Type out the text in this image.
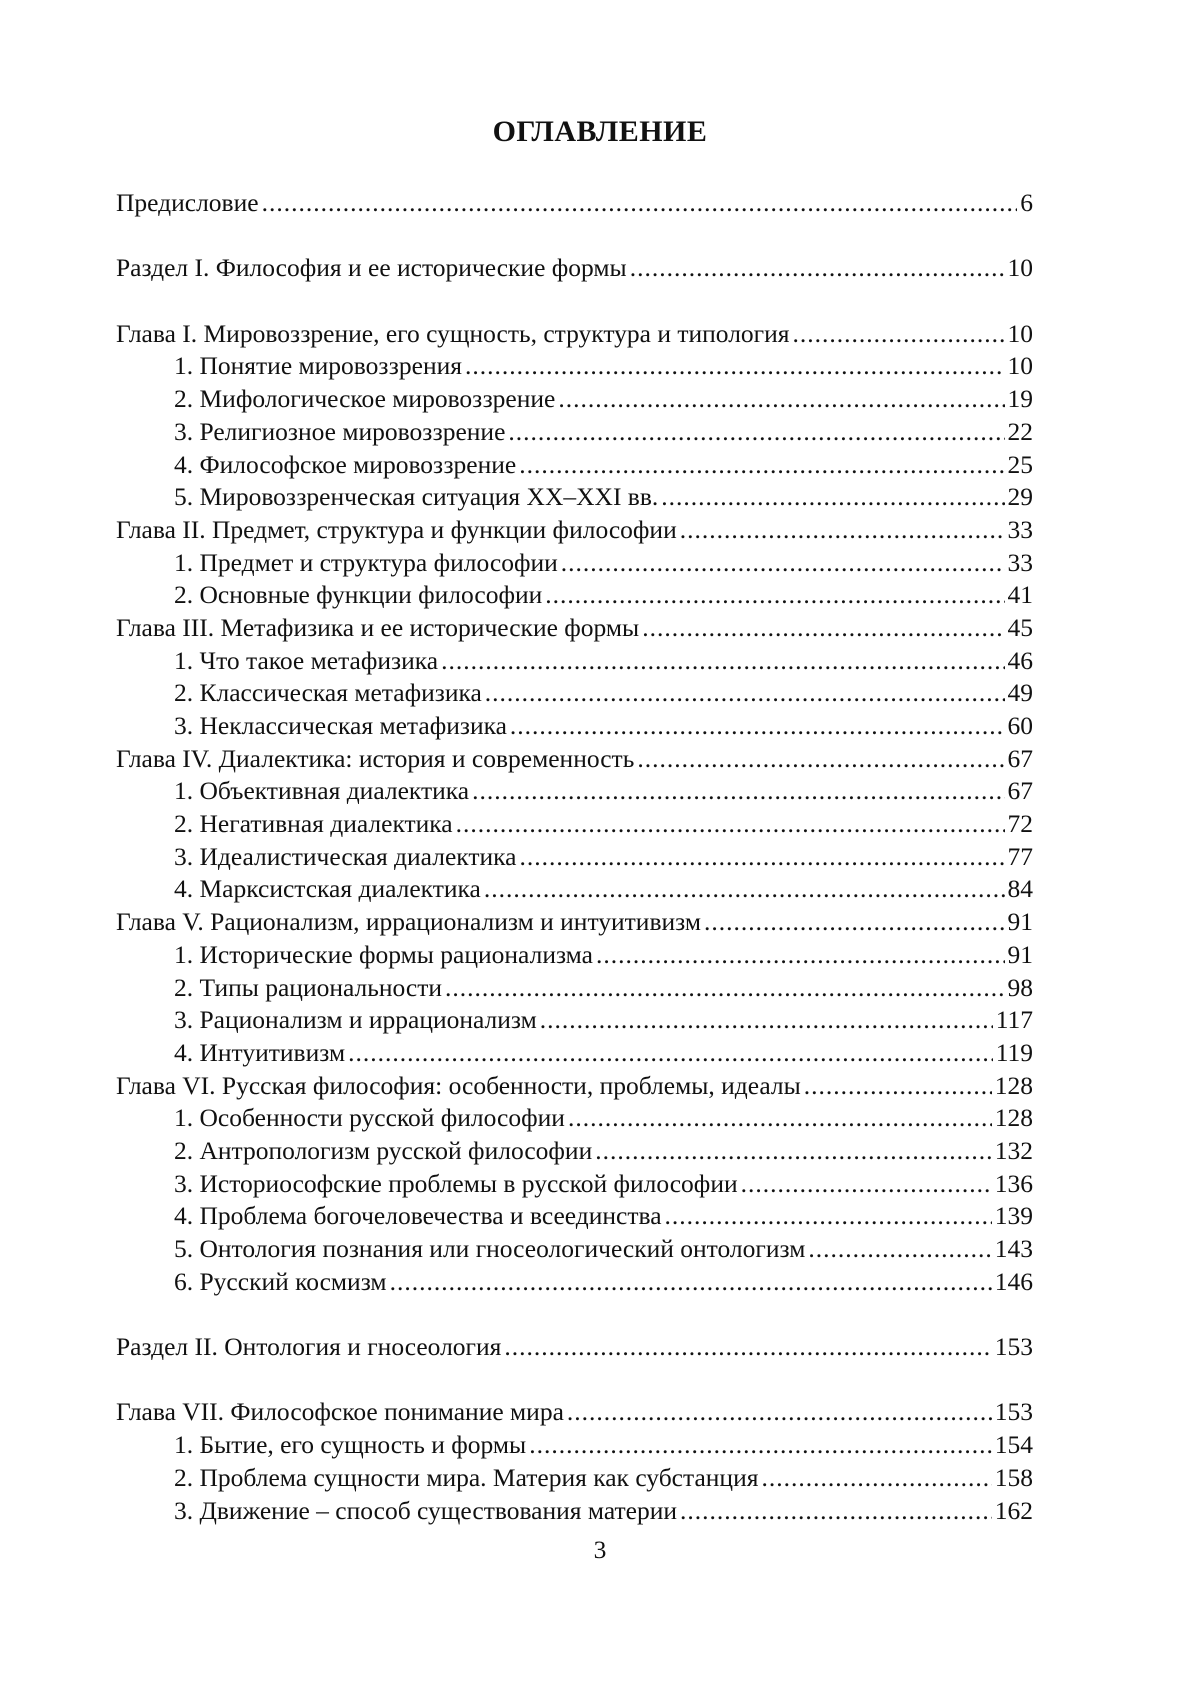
ОГЛАВЛЕНИЕ
Предисловие .....	6
Раздел I. Философия и ее исторические формы .....	10
Глава I. Мировоззрение, его сущность, структура и типология .....	10
1. Понятие мировоззрения .....	10
2. Мифологическое мировоззрение .....	19
3. Религиозное мировоззрение .....	22
4. Философское мировоззрение .....	25
5. Мировоззренческая ситуация XX–XXI вв. .....	29
Глава II. Предмет, структура и функции философии .....	33
1. Предмет и структура философии .....	33
2. Основные функции философии .....	41
Глава III. Метафизика и ее исторические формы .....	45
1. Что такое метафизика .....	46
2. Классическая метафизика .....	49
3. Неклассическая метафизика .....	60
Глава IV. Диалектика: история и современность .....	67
1. Объективная диалектика .....	67
2. Негативная диалектика .....	72
3. Идеалистическая диалектика .....	77
4. Марксистская диалектика .....	84
Глава V. Рационализм, иррационализм и интуитивизм .....	91
1. Исторические формы рационализма .....	91
2. Типы рациональности .....	98
3. Рационализм и иррационализм .....	117
4. Интуитивизм .....	119
Глава VI. Русская философия: особенности, проблемы, идеалы .....	128
1. Особенности русской философии .....	128
2. Антропологизм русской философии .....	132
3. Историософские проблемы в русской философии .....	136
4. Проблема богочеловечества и всеединства .....	139
5. Онтология познания или гносеологический онтологизм .....	143
6. Русский космизм .....	146
Раздел II. Онтология и гносеология .....	153
Глава VII. Философское понимание мира .....	153
1. Бытие, его сущность и формы .....	154
2. Проблема сущности мира. Материя как субстанция .....	158
3. Движение – способ существования материи .....	162
3
